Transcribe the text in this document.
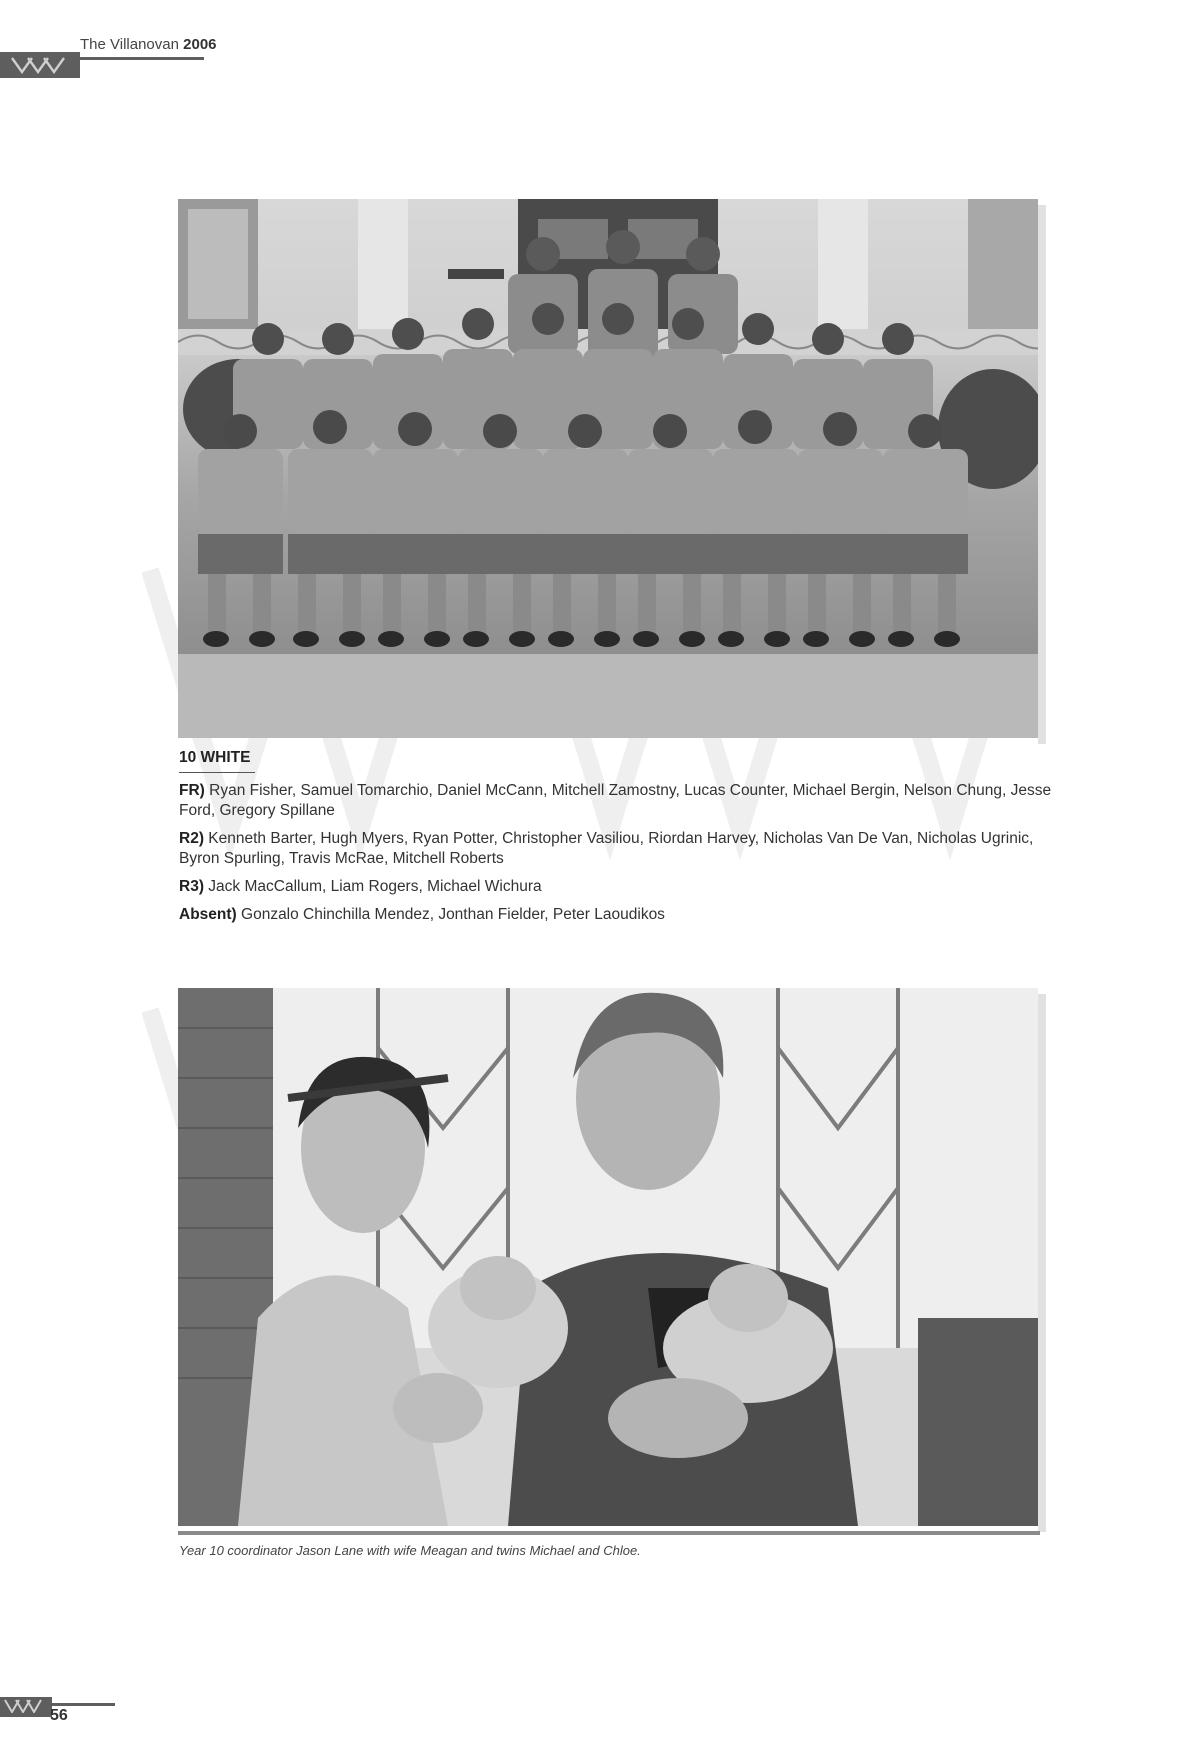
The Villanovan 2006
10 WHITE

FR) Ryan Fisher, Samuel Tomarchio, Daniel McCann, Mitchell Zamostny, Lucas Counter, Michael Bergin, Nelson Chung, Jesse Ford, Gregory Spillane

R2) Kenneth Barter, Hugh Myers, Ryan Potter, Christopher Vasiliou, Riordan Harvey, Nicholas Van De Van, Nicholas Ugrinic, Byron Spurling, Travis McRae, Mitchell Roberts

R3) Jack MacCallum, Liam Rogers, Michael Wichura

Absent) Gonzalo Chinchilla Mendez, Jonthan Fielder, Peter Laoudikos

Year 10 coordinator Jason Lane with wife Meagan and twins Michael and Chloe.
56
